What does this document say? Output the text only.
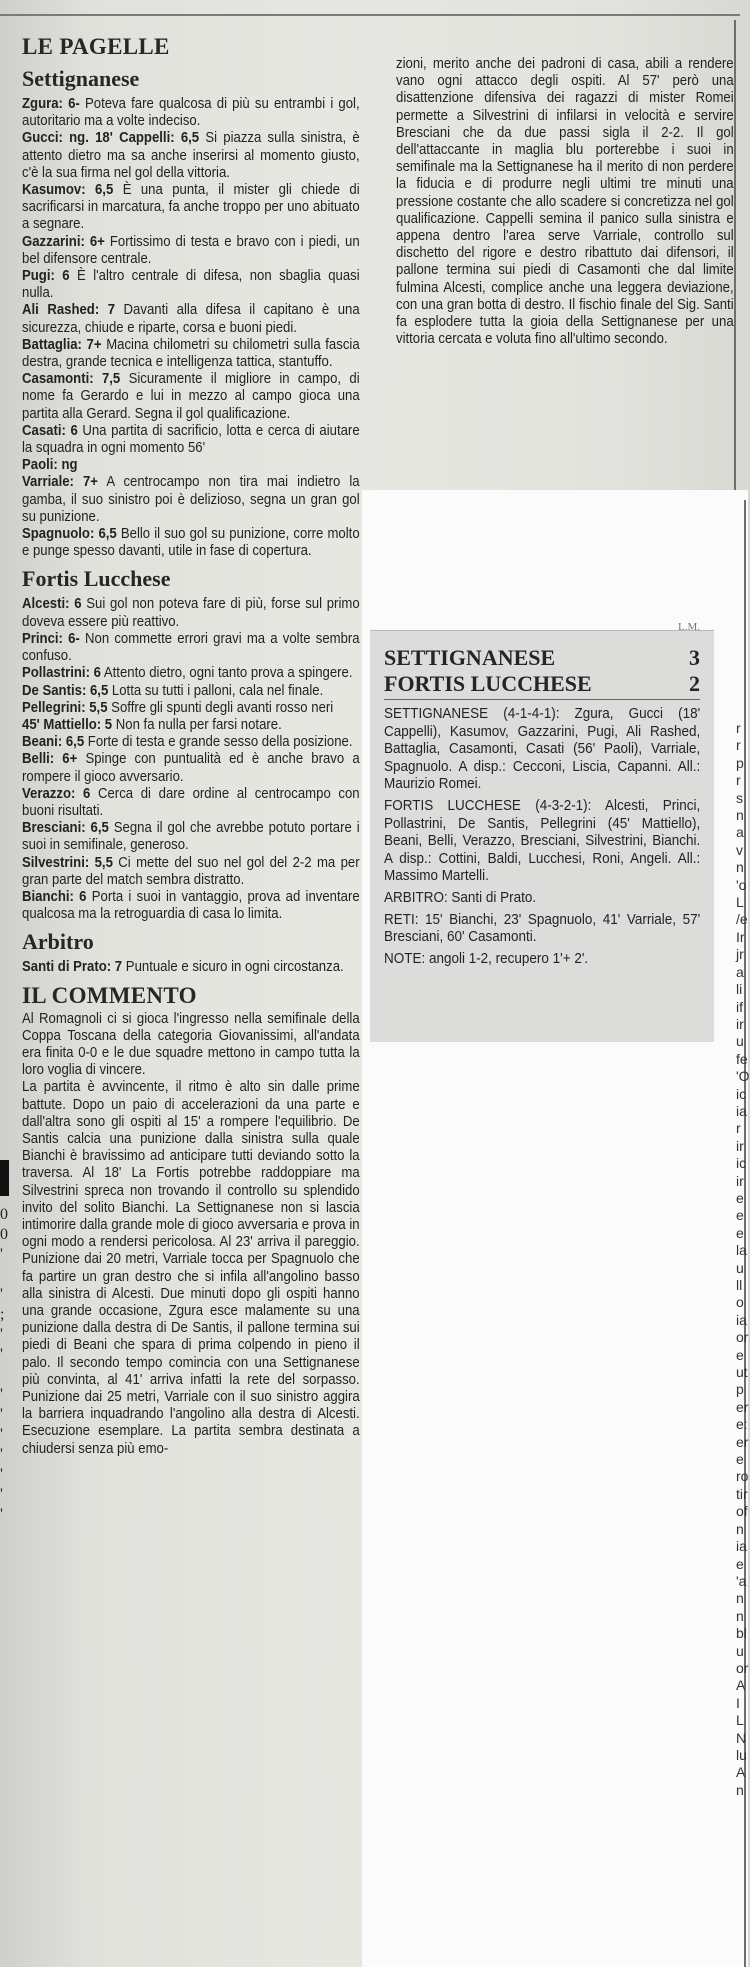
LE PAGELLE
Settignanese

Zgura: 6- Poteva fare qualcosa di più su entrambi i gol, autoritario ma a volte indeciso.

Gucci: ng. 18' Cappelli: 6,5 Si piazza sulla sinistra, è attento dietro ma sa anche inserirsi al momento giusto, c'è la sua firma nel gol della vittoria.

Kasumov: 6,5 È una punta, il mister gli chiede di sacrificarsi in marcatura, fa anche troppo per uno abituato a segnare.

Gazzarini: 6+ Fortissimo di testa e bravo con i piedi, un bel difensore centrale.

Pugi: 6 È l'altro centrale di difesa, non sbaglia quasi nulla.

Ali Rashed: 7 Davanti alla difesa il capitano è una sicurezza, chiude e riparte, corsa e buoni piedi.

Battaglia: 7+ Macina chilometri su chilometri sulla fascia destra, grande tecnica e intelligenza tattica, stantuffo.

Casamonti: 7,5 Sicuramente il migliore in campo, di nome fa Gerardo e lui in mezzo al campo gioca una partita alla Gerard. Segna il gol qualificazione.

Casati: 6 Una partita di sacrificio, lotta e cerca di aiutare la squadra in ogni momento 56'

Paoli: ng

Varriale: 7+ A centrocampo non tira mai indietro la gamba, il suo sinistro poi è delizioso, segna un gran gol su punizione.

Spagnuolo: 6,5 Bello il suo gol su punizione, corre molto e punge spesso davanti, utile in fase di copertura.

Fortis Lucchese

Alcesti: 6 Sui gol non poteva fare di più, forse sul primo doveva essere più reattivo.

Princi: 6- Non commette errori gravi ma a volte sembra confuso.

Pollastrini: 6 Attento dietro, ogni tanto prova a spingere.

De Santis: 6,5 Lotta su tutti i palloni, cala nel finale.

Pellegrini: 5,5 Soffre gli spunti degli avanti rosso neri

45' Mattiello: 5 Non fa nulla per farsi notare.

Beani: 6,5 Forte di testa e grande sesso della posizione.

Belli: 6+ Spinge con puntualità ed è anche bravo a rompere il gioco avversario.

Verazzo: 6 Cerca di dare ordine al centrocampo con buoni risultati.

Bresciani: 6,5 Segna il gol che avrebbe potuto portare i suoi in semifinale, generoso.

Silvestrini: 5,5 Ci mette del suo nel gol del 2-2 ma per gran parte del match sembra distratto.

Bianchi: 6 Porta i suoi in vantaggio, prova ad inventare qualcosa ma la retroguardia di casa lo limita.

Arbitro

Santi di Prato: 7 Puntuale e sicuro in ogni circostanza.

IL COMMENTO

Al Romagnoli ci si gioca l'ingresso nella semifinale della Coppa Toscana della categoria Giovanissimi, all'andata era finita 0-0 e le due squadre mettono in campo tutta la loro voglia di vincere.

La partita è avvincente, il ritmo è alto sin dalle prime battute. Dopo un paio di accelerazioni da una parte e dall'altra sono gli ospiti al 15' a rompere l'equilibrio. De Santis calcia una punizione dalla sinistra sulla quale Bianchi è bravissimo ad anticipare tutti deviando sotto la traversa. Al 18' La Fortis potrebbe raddoppiare ma Silvestrini spreca non trovando il controllo su splendido invito del solito Bianchi. La Settignanese non si lascia intimorire dalla grande mole di gioco avversaria e prova in ogni modo a rendersi pericolosa. Al 23' arriva il pareggio. Punizione dai 20 metri, Varriale tocca per Spagnuolo che fa partire un gran destro che si infila all'angolino basso alla sinistra di Alcesti. Due minuti dopo gli ospiti hanno una grande occasione, Zgura esce malamente su una punizione dalla destra di De Santis, il pallone termina sui piedi di Beani che spara di prima colpendo in pieno il palo. Il secondo tempo comincia con una Settignanese più convinta, al 41' arriva infatti la rete del sorpasso. Punizione dai 25 metri, Varriale con il suo sinistro aggira la barriera inquadrando l'angolino alla destra di Alcesti. Esecuzione esemplare. La partita sembra destinata a chiudersi senza più emo-

zioni, merito anche dei padroni di casa, abili a rendere vano ogni attacco degli ospiti. Al 57' però una disattenzione difensiva dei ragazzi di mister Romei permette a Silvestrini di infilarsi in velocità e servire Bresciani che da due passi sigla il 2-2. Il gol dell'attaccante in maglia blu porterebbe i suoi in semifinale ma la Settignanese ha il merito di non perdere la fiducia e di produrre negli ultimi tre minuti una pressione costante che allo scadere si concretizza nel gol qualificazione. Cappelli semina il panico sulla sinistra e appena dentro l'area serve Varriale, controllo sul dischetto del rigore e destro ribattuto dai difensori, il pallone termina sui piedi di Casamonti che dal limite fulmina Alcesti, complice anche una leggera deviazione, con una gran botta di destro. Il fischio finale del Sig. Santi fa esplodere tutta la gioia della Settignanese per una vittoria cercata e voluta fino all'ultimo secondo.

L.M.
SETTIGNANESE	3
FORTIS LUCCHESE	2

SETTIGNANESE (4-1-4-1): Zgura, Gucci (18' Cappelli), Kasumov, Gazzarini, Pugi, Ali Rashed, Battaglia, Casamonti, Casati (56' Paoli), Varriale, Spagnuolo. A disp.: Cecconi, Liscia, Capanni. All.: Maurizio Romei.

FORTIS LUCCHESE (4-3-2-1): Alcesti, Princi, Pollastrini, De Santis, Pellegrini (45' Mattiello), Beani, Belli, Verazzo, Bresciani, Silvestrini, Bianchi. A disp.: Cottini, Baldi, Lucchesi, Roni, Angeli. All.: Massimo Martelli.

ARBITRO: Santi di Prato.

RETI: 15' Bianchi, 23' Spagnuolo, 41' Varriale, 57' Bresciani, 60' Casamonti.

NOTE: angoli 1-2, recupero 1'+ 2'.

r
r
p
r
s
n
a
v
n
'o
L
/e
Ir
jr
a
li
if
ir
u
fe
'O
ic
ia
r
ir
ic
ir
e
e
e
la
u
ll
o
ia
or
e
ut
p
er
e:
er
e
ro
tir
of
n
ia
e
'a
n
n
bl
u
or
A
I
L
N
lu
A
n
0
0
'

'
;
'
'

'
'
'
'
'
'
'
